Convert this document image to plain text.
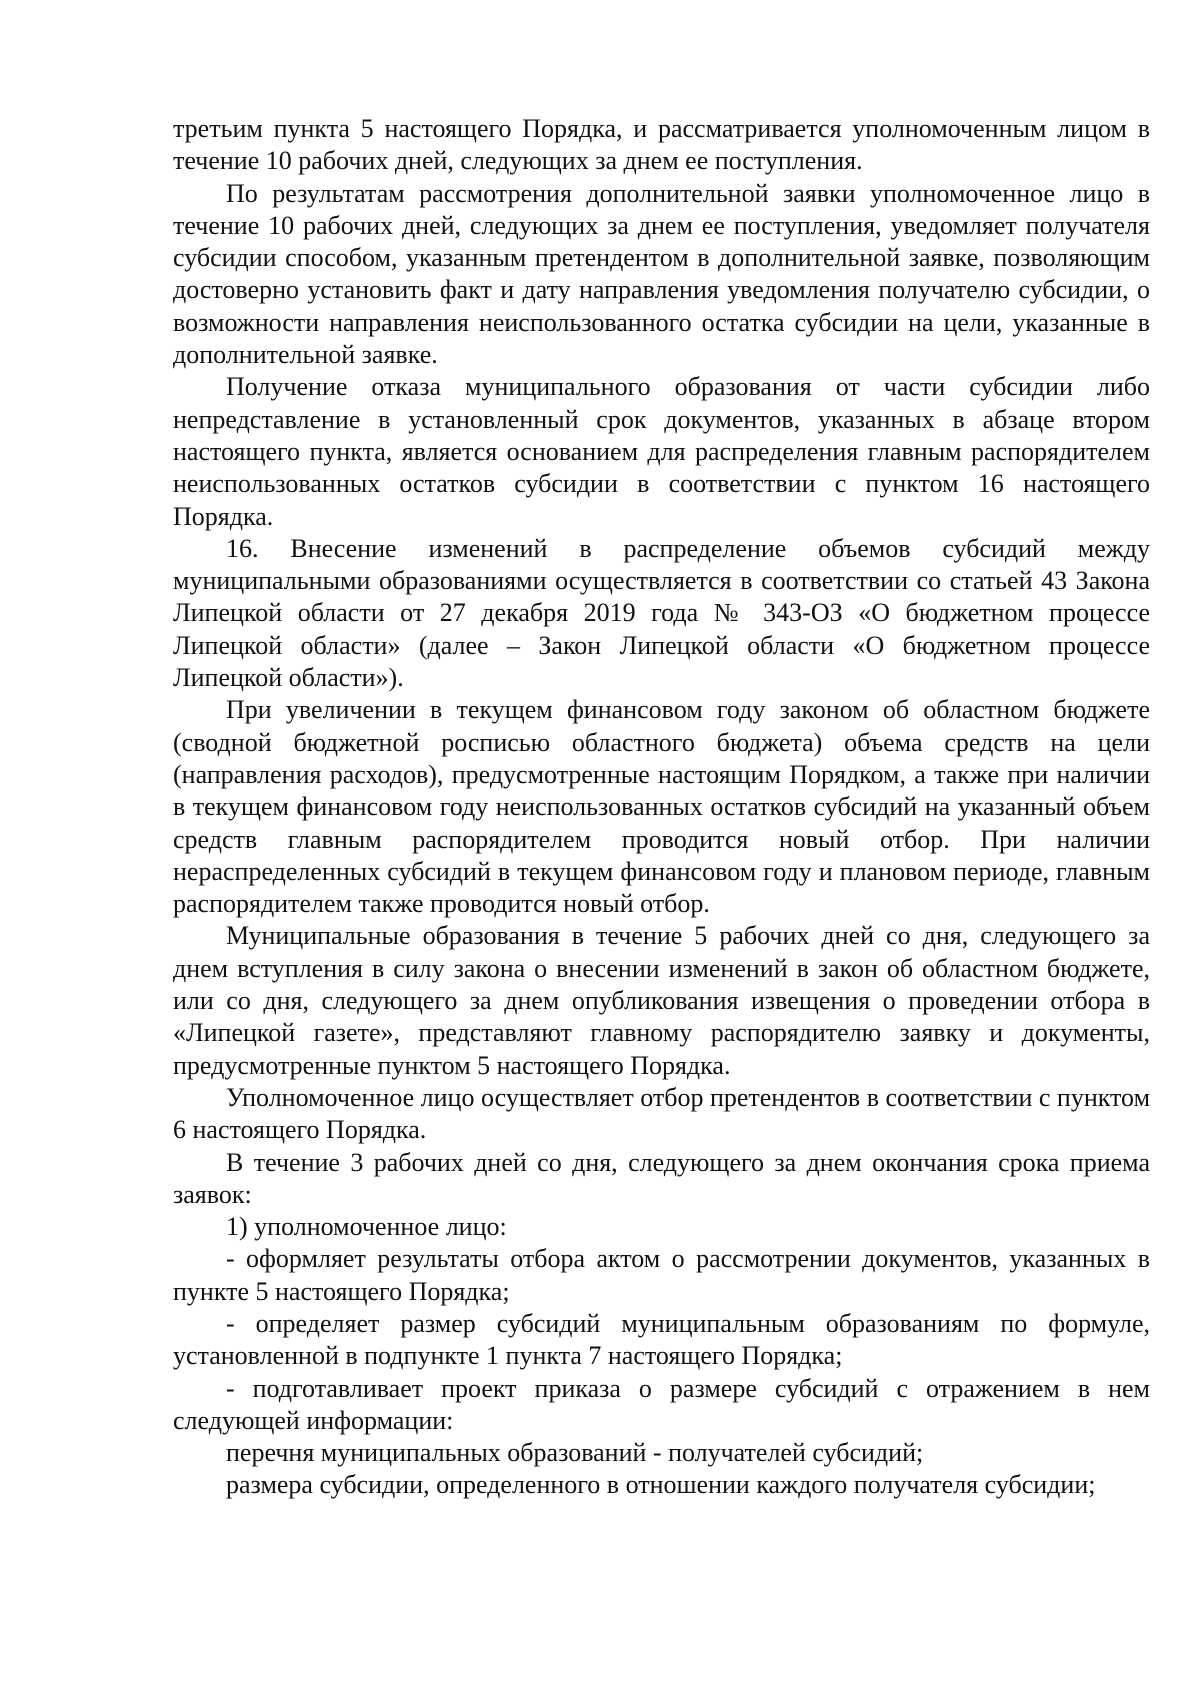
третьим пункта 5 настоящего Порядка, и рассматривается уполномоченным лицом в течение 10 рабочих дней, следующих за днем ее поступления.

По результатам рассмотрения дополнительной заявки уполномоченное лицо в течение 10 рабочих дней, следующих за днем ее поступления, уведомляет получателя субсидии способом, указанным претендентом в дополнительной заявке, позволяющим достоверно установить факт и дату направления уведомления получателю субсидии, о возможности направления неиспользованного остатка субсидии на цели, указанные в дополнительной заявке.

Получение отказа муниципального образования от части субсидии либо непредставление в установленный срок документов, указанных в абзаце втором настоящего пункта, является основанием для распределения главным распорядителем неиспользованных остатков субсидии в соответствии с пунктом 16 настоящего Порядка.

16. Внесение изменений в распределение объемов субсидий между муниципальными образованиями осуществляется в соответствии со статьей 43 Закона Липецкой области от 27 декабря 2019 года № 343-ОЗ «О бюджетном процессе Липецкой области» (далее – Закон Липецкой области «О бюджетном процессе Липецкой области»).

При увеличении в текущем финансовом году законом об областном бюджете (сводной бюджетной росписью областного бюджета) объема средств на цели (направления расходов), предусмотренные настоящим Порядком, а также при наличии в текущем финансовом году неиспользованных остатков субсидий на указанный объем средств главным распорядителем проводится новый отбор. При наличии нераспределенных субсидий в текущем финансовом году и плановом периоде, главным распорядителем также проводится новый отбор.

Муниципальные образования в течение 5 рабочих дней со дня, следующего за днем вступления в силу закона о внесении изменений в закон об областном бюджете, или со дня, следующего за днем опубликования извещения о проведении отбора в «Липецкой газете», представляют главному распорядителю заявку и документы, предусмотренные пунктом 5 настоящего Порядка.

Уполномоченное лицо осуществляет отбор претендентов в соответствии с пунктом 6 настоящего Порядка.

В течение 3 рабочих дней со дня, следующего за днем окончания срока приема заявок:

1) уполномоченное лицо:

- оформляет результаты отбора актом о рассмотрении документов, указанных в пункте 5 настоящего Порядка;

- определяет размер субсидий муниципальным образованиям по формуле, установленной в подпункте 1 пункта 7 настоящего Порядка;

- подготавливает проект приказа о размере субсидий с отражением в нем следующей информации:

перечня муниципальных образований - получателей субсидий;

размера субсидии, определенного в отношении каждого получателя субсидии;
